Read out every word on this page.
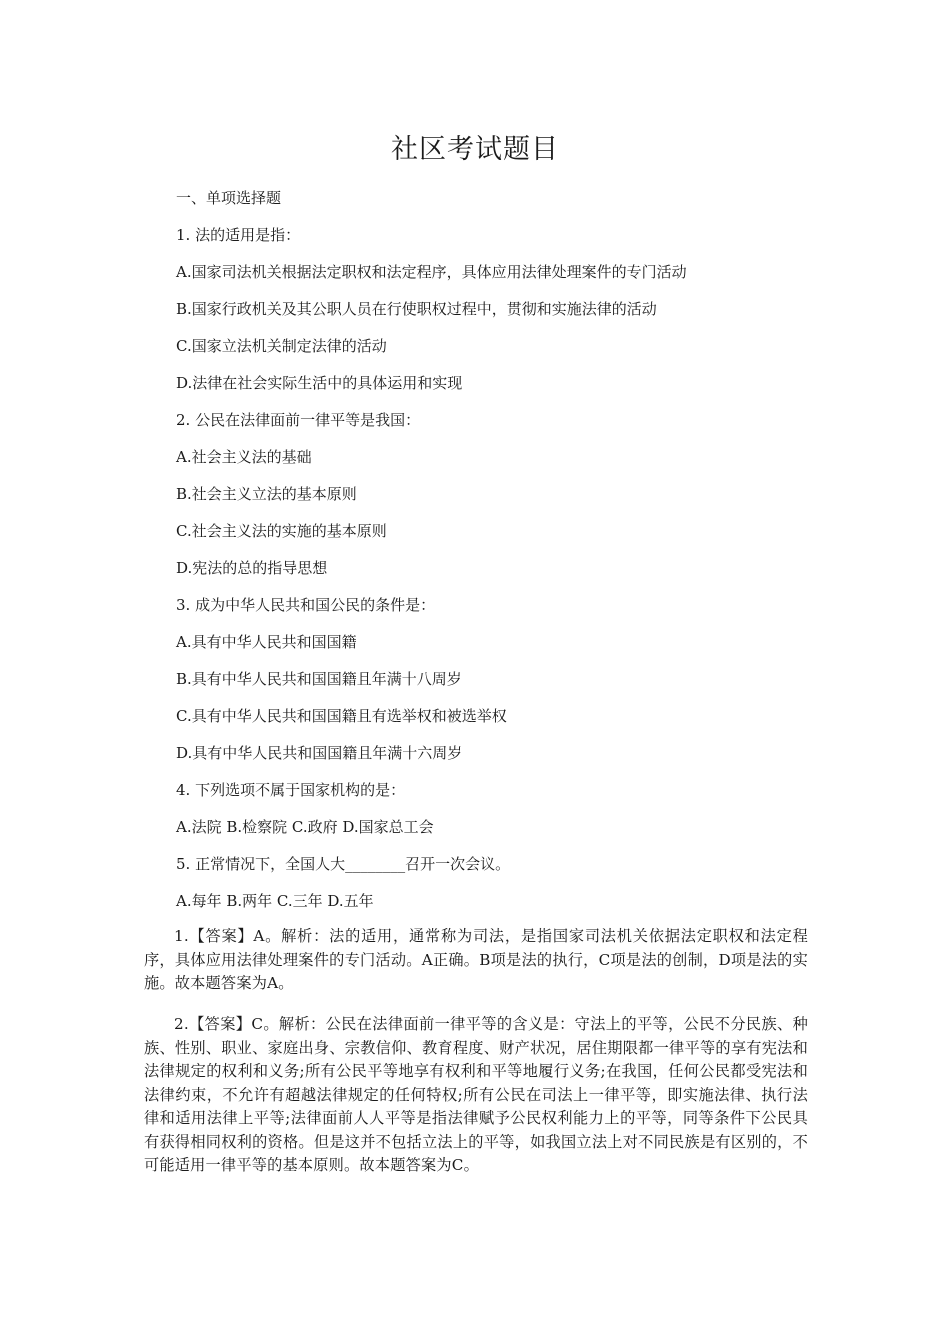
社区考试题目
一、单项选择题
1. 法的适用是指：
A.国家司法机关根据法定职权和法定程序，具体应用法律处理案件的专门活动
B.国家行政机关及其公职人员在行使职权过程中，贯彻和实施法律的活动
C.国家立法机关制定法律的活动
D.法律在社会实际生活中的具体运用和实现
2. 公民在法律面前一律平等是我国：
A.社会主义法的基础
B.社会主义立法的基本原则
C.社会主义法的实施的基本原则
D.宪法的总的指导思想
3. 成为中华人民共和国公民的条件是：
A.具有中华人民共和国国籍
B.具有中华人民共和国国籍且年满十八周岁
C.具有中华人民共和国国籍且有选举权和被选举权
D.具有中华人民共和国国籍且年满十六周岁
4. 下列选项不属于国家机构的是：
A.法院 B.检察院 C.政府 D.国家总工会
5. 正常情况下，全国人大________召开一次会议。
A.每年 B.两年 C.三年 D.五年
1.【答案】A。解析：法的适用，通常称为司法，是指国家司法机关依据法定职权和法定程序，具体应用法律处理案件的专门活动。A正确。B项是法的执行，C项是法的创制，D项是法的实施。故本题答案为A。
2.【答案】C。解析：公民在法律面前一律平等的含义是：守法上的平等，公民不分民族、种族、性别、职业、家庭出身、宗教信仰、教育程度、财产状况，居住期限都一律平等的享有宪法和法律规定的权利和义务;所有公民平等地享有权利和平等地履行义务;在我国，任何公民都受宪法和法律约束，不允许有超越法律规定的任何特权;所有公民在司法上一律平等，即实施法律、执行法律和适用法律上平等;法律面前人人平等是指法律赋予公民权利能力上的平等，同等条件下公民具有获得相同权利的资格。但是这并不包括立法上的平等，如我国立法上对不同民族是有区别的，不可能适用一律平等的基本原则。故本题答案为C。
